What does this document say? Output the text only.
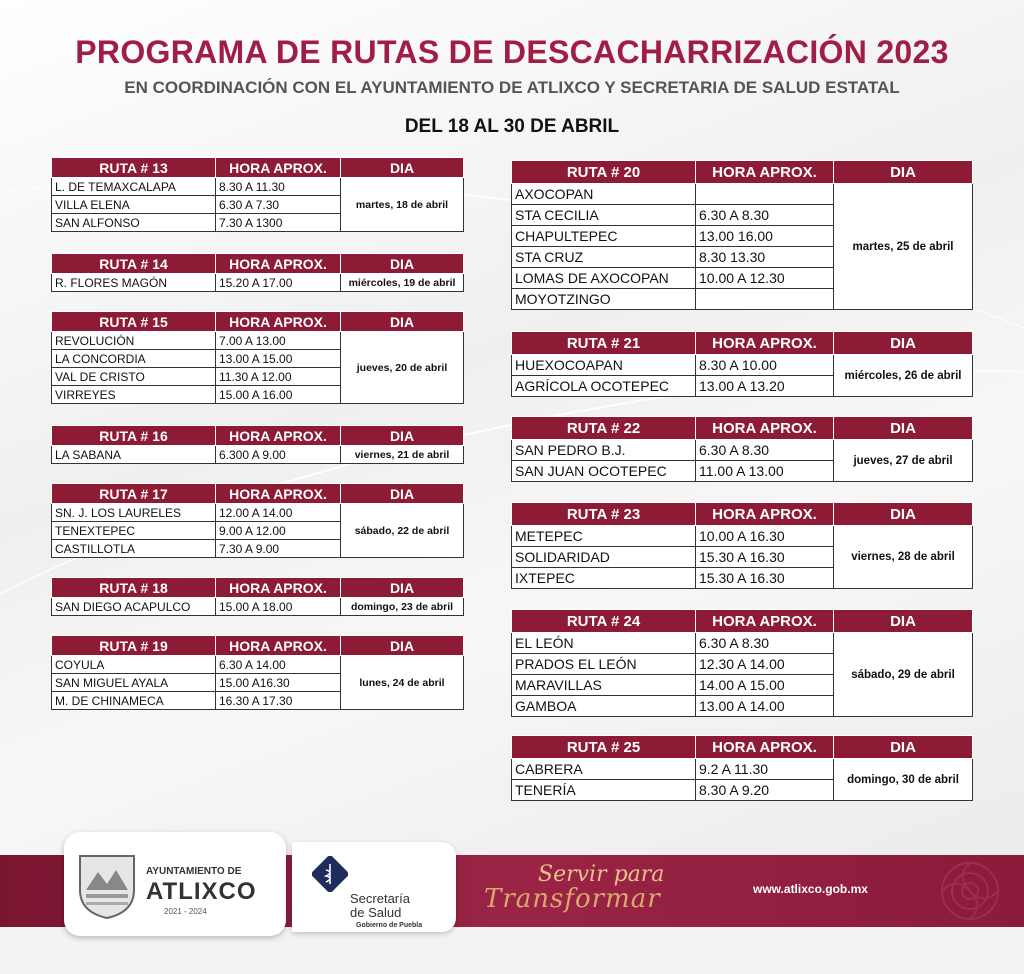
PROGRAMA DE RUTAS DE DESCACHARRIZACIÓN 2023
EN COORDINACIÓN CON EL AYUNTAMIENTO DE ATLIXCO Y SECRETARIA DE SALUD ESTATAL
DEL 18 AL 30 DE ABRIL
RUTA # 13	HORA APROX.	DIA
L. DE TEMAXCALAPA	8.30 A 11.30	martes, 18 de abril
VILLA ELENA	6.30 A 7.30	
SAN ALFONSO	7.30 A 1300	
RUTA # 14	HORA APROX.	DIA
R. FLORES MAGÓN	15.20 A 17.00	miércoles, 19 de abril
RUTA # 15	HORA APROX.	DIA
REVOLUCIÓN	7.00 A 13.00	jueves, 20 de abril
LA CONCORDIA	13.00 A 15.00	
VAL DE CRISTO	11.30 A 12.00	
VIRREYES	15.00 A 16.00	
RUTA # 16	HORA APROX.	DIA
LA SABANA	6.300 A 9.00	viernes, 21 de abril
RUTA # 17	HORA APROX.	DIA
SN. J. LOS LAURELES	12.00 A 14.00	sábado, 22 de abril
TENEXTEPEC	9.00 A 12.00	
CASTILLOTLA	7.30 A 9.00	
RUTA # 18	HORA APROX.	DIA
SAN DIEGO ACAPULCO	15.00 A 18.00	domingo, 23 de abril
RUTA # 19	HORA APROX.	DIA
COYULA	6.30 A 14.00	lunes, 24 de abril
SAN MIGUEL AYALA	15.00 A16.30	
M. DE CHINAMECA	16.30 A 17.30	
RUTA # 20	HORA APROX.	DIA
AXOCOPAN		martes, 25 de abril
STA CECILIA	6.30 A 8.30	
CHAPULTEPEC	13.00 16.00	
STA CRUZ	8.30 13.30	
LOMAS DE AXOCOPAN	10.00 A 12.30	
MOYOTZINGO		
RUTA # 21	HORA APROX.	DIA
HUEXOCOAPAN	8.30 A 10.00	miércoles, 26 de abril
AGRÍCOLA OCOTEPEC	13.00 A 13.20	
RUTA # 22	HORA APROX.	DIA
SAN PEDRO B.J.	6.30 A 8.30	jueves, 27 de abril
SAN JUAN OCOTEPEC	11.00 A 13.00	
RUTA # 23	HORA APROX.	DIA
METEPEC	10.00 A 16.30	viernes, 28 de abril
SOLIDARIDAD	15.30 A 16.30	
IXTEPEC	15.30 A 16.30	
RUTA # 24	HORA APROX.	DIA
EL LEÓN	6.30 A 8.30	sábado, 29 de abril
PRADOS EL LEÓN	12.30 A 14.00	
MARAVILLAS	14.00 A 15.00	
GAMBOA	13.00 A 14.00	
RUTA # 25	HORA APROX.	DIA
CABRERA	9.2 A 11.30	domingo, 30 de abril
TENERÍA	8.30 A 9.20	
AYUNTAMIENTO DE
ATLIXCO
2021 - 2024
Secretaría
de Salud
Gobierno de Puebla
Servir para
Transformar	www.atlixco.gob.mx
